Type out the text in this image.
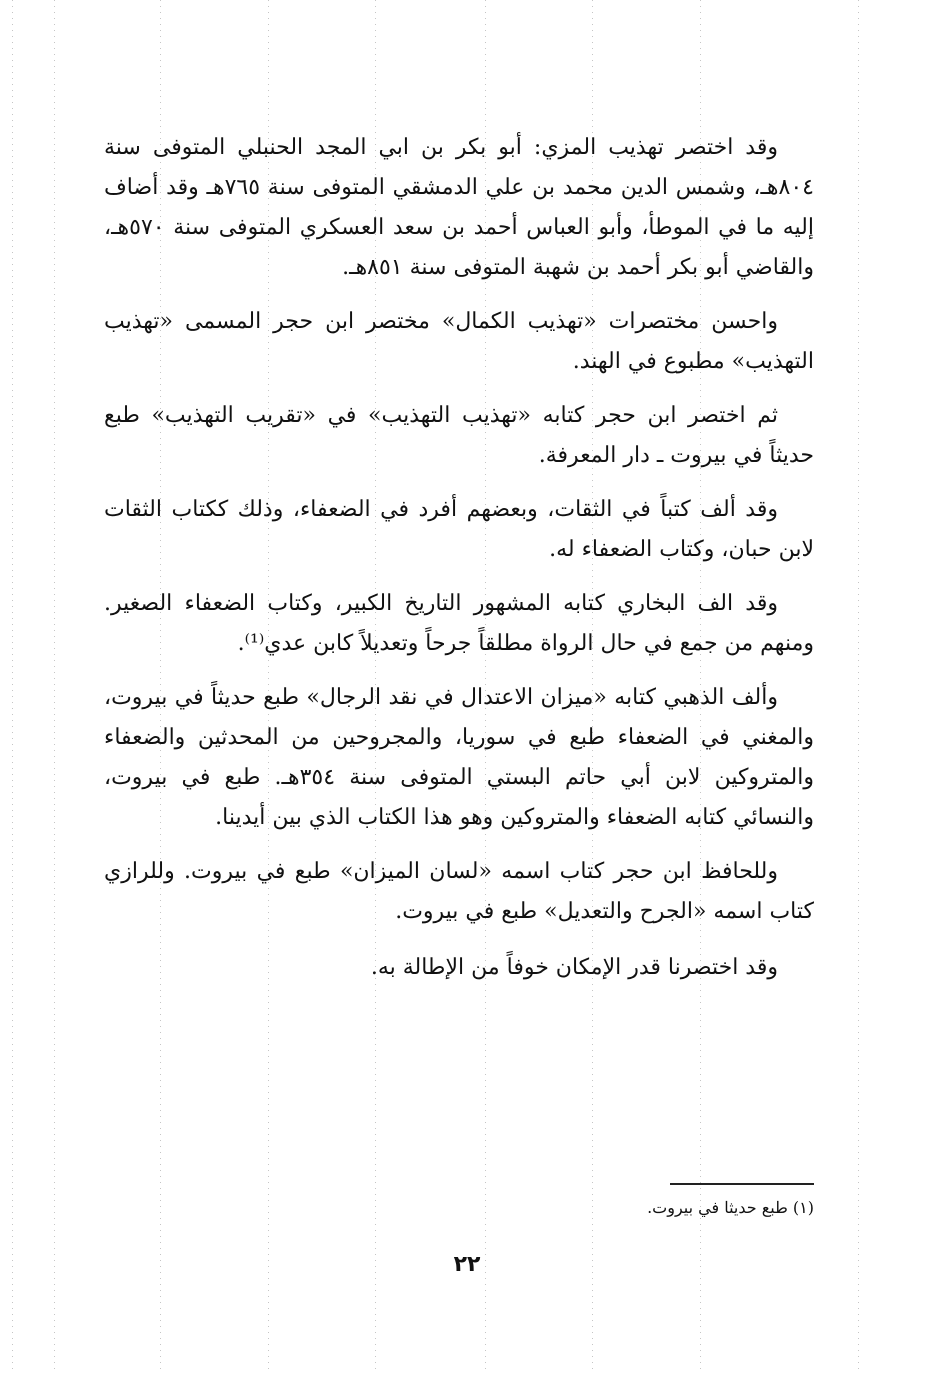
وقد اختصر تهذيب المزي: أبو بكر بن ابي المجد الحنبلي المتوفى سنة ٨٠٤هـ، وشمس الدين محمد بن علي الدمشقي المتوفى سنة ٧٦٥هـ وقد أضاف إليه ما في الموطأ، وأبو العباس أحمد بن سعد العسكري المتوفى سنة ٥٧٠هـ، والقاضي أبو بكر أحمد بن شهبة المتوفى سنة ٨٥١هـ.

واحسن مختصرات «تهذيب الكمال» مختصر ابن حجر المسمى «تهذيب التهذيب» مطبوع في الهند.

ثم اختصر ابن حجر كتابه «تهذيب التهذيب» في «تقريب التهذيب» طبع حديثاً في بيروت ـ دار المعرفة.

وقد ألف كتباً في الثقات، وبعضهم أفرد في الضعفاء، وذلك ككتاب الثقات لابن حبان، وكتاب الضعفاء له.

وقد الف البخاري كتابه المشهور التاريخ الكبير، وكتاب الضعفاء الصغير. ومنهم من جمع في حال الرواة مطلقاً جرحاً وتعديلاً كابن عدي⁽¹⁾.

وألف الذهبي كتابه «ميزان الاعتدال في نقد الرجال» طبع حديثاً في بيروت، والمغني في الضعفاء طبع في سوريا، والمجروحين من المحدثين والضعفاء والمتروكين لابن أبي حاتم البستي المتوفى سنة ٣٥٤هـ. طبع في بيروت، والنسائي كتابه الضعفاء والمتروكين وهو هذا الكتاب الذي بين أيدينا.

وللحافظ ابن حجر كتاب اسمه «لسان الميزان» طبع في بيروت. وللرازي كتاب اسمه «الجرح والتعديل» طبع في بيروت.

وقد اختصرنا قدر الإمكان خوفاً من الإطالة به.

(١) طبع حديثا في بيروت.
٢٢
